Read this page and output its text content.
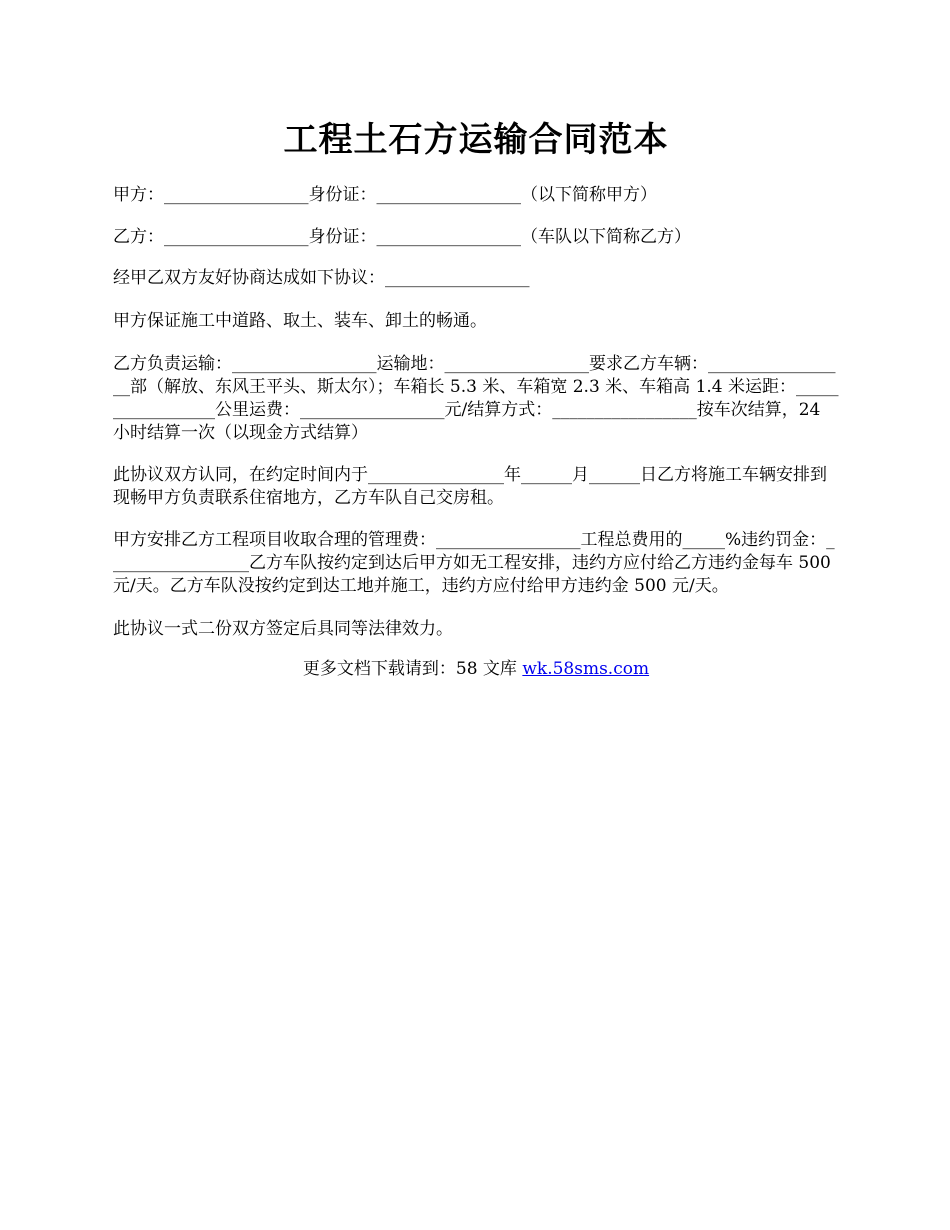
工程土石方运输合同范本

甲方：_________________身份证：_________________（以下简称甲方）

乙方：_________________身份证：_________________（车队以下简称乙方）

经甲乙双方友好协商达成如下协议：_________________

甲方保证施工中道路、取土、装车、卸土的畅通。

乙方负责运输：_________________运输地：_________________要求乙方车辆：_________________部（解放、东风王平头、斯太尔）；车箱长 5.3 米、车箱宽 2.3 米、车箱高 1.4 米运距：_________________公里运费：_________________元/结算方式：_________________按车次结算，24 小时结算一次（以现金方式结算）

此协议双方认同，在约定时间内于________________年______月______日乙方将施工车辆安排到现畅甲方负责联系住宿地方，乙方车队自己交房租。

甲方安排乙方工程项目收取合理的管理费：_________________工程总费用的_____%违约罚金：_________________乙方车队按约定到达后甲方如无工程安排，违约方应付给乙方违约金每车 500 元/天。乙方车队没按约定到达工地并施工，违约方应付给甲方违约金 500 元/天。

此协议一式二份双方签定后具同等法律效力。

更多文档下载请到：58 文库 wk.58sms.com
